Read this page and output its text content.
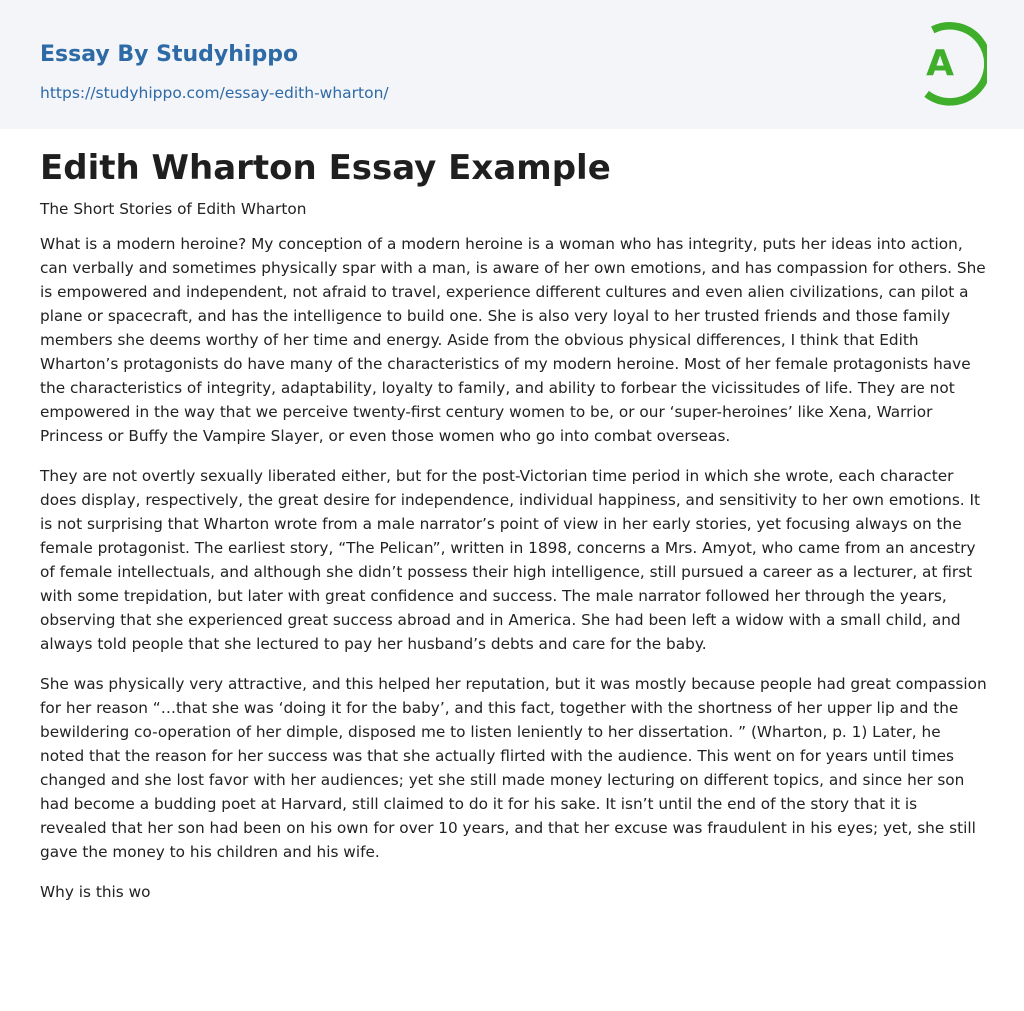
Essay By Studyhippo
https://studyhippo.com/essay-edith-wharton/
A
Edith Wharton Essay Example

The Short Stories of Edith Wharton

What is a modern heroine? My conception of a modern heroine is a woman who has integrity, puts her ideas into action, can verbally and sometimes physically spar with a man, is aware of her own emotions, and has compassion for others. She is empowered and independent, not afraid to travel, experience different cultures and even alien civilizations, can pilot a plane or spacecraft, and has the intelligence to build one. She is also very loyal to her trusted friends and those family members she deems worthy of her time and energy. Aside from the obvious physical differences, I think that Edith Wharton’s protagonists do have many of the characteristics of my modern heroine. Most of her female protagonists have the characteristics of integrity, adaptability, loyalty to family, and ability to forbear the vicissitudes of life. They are not empowered in the way that we perceive twenty-first century women to be, or our ‘super-heroines’ like Xena, Warrior Princess or Buffy the Vampire Slayer, or even those women who go into combat overseas.

They are not overtly sexually liberated either, but for the post-Victorian time period in which she wrote, each character does display, respectively, the great desire for independence, individual happiness, and sensitivity to her own emotions. It is not surprising that Wharton wrote from a male narrator’s point of view in her early stories, yet focusing always on the female protagonist. The earliest story, “The Pelican”, written in 1898, concerns a Mrs. Amyot, who came from an ancestry of female intellectuals, and although she didn’t possess their high intelligence, still pursued a career as a lecturer, at first with some trepidation, but later with great confidence and success. The male narrator followed her through the years, observing that she experienced great success abroad and in America. She had been left a widow with a small child, and always told people that she lectured to pay her husband’s debts and care for the baby.

She was physically very attractive, and this helped her reputation, but it was mostly because people had great compassion for her reason “…that she was ‘doing it for the baby’, and this fact, together with the shortness of her upper lip and the bewildering co-operation of her dimple, disposed me to listen leniently to her dissertation. ” (Wharton, p. 1) Later, he noted that the reason for her success was that she actually flirted with the audience. This went on for years until times changed and she lost favor with her audiences; yet she still made money lecturing on different topics, and since her son had become a budding poet at Harvard, still claimed to do it for his sake. It isn’t until the end of the story that it is revealed that her son had been on his own for over 10 years, and that her excuse was fraudulent in his eyes; yet, she still gave the money to his children and his wife.

Why is this wo
